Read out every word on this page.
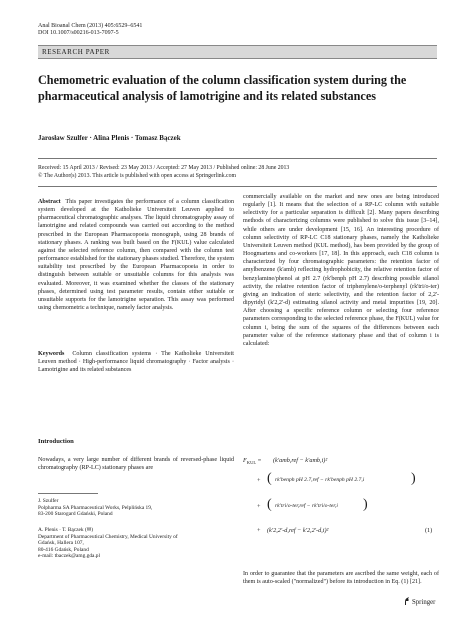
Anal Bioanal Chem (2013) 405:6529–6541
DOI 10.1007/s00216-013-7097-5
RESEARCH PAPER
Chemometric evaluation of the column classification system during the pharmaceutical analysis of lamotrigine and its related substances
Jarosław Szulfer · Alina Plenis · Tomasz Bączek
Received: 15 April 2013 / Revised: 23 May 2013 / Accepted: 27 May 2013 / Published online: 28 June 2013
© The Author(s) 2013. This article is published with open access at Springerlink.com

Abstract This paper investigates the performance of a column classification system developed at the Katholieke Universiteit Leuven applied to pharmaceutical chromatographic analyses. The liquid chromatography assay of lamotrigine and related compounds was carried out according to the method prescribed in the European Pharmacopoeia monograph, using 28 brands of stationary phases. A ranking was built based on the F(KUL) value calculated against the selected reference column, then compared with the column test performance established for the stationary phases studied. Therefore, the system suitability test prescribed by the European Pharmacopoeia in order to distinguish between suitable or unsuitable columns for this analysis was evaluated. Moreover, it was examined whether the classes of the stationary phases, determined using test parameter results, contain either suitable or unsuitable supports for the lamotrigine separation. This assay was performed using chemometric a technique, namely factor analysis.

Keywords Column classification systems · The Katholieke Universiteit Leuven method · High-performance liquid chromatography · Factor analysis · Lamotrigine and its related substances

Introduction
Nowadays, a very large number of different brands of reversed-phase liquid chromatography (RP-LC) stationary phases are
J. Szulfer
Polpharma SA Pharmaceutical Works, Pelplińska 19,
83-200 Starogard Gdański, Poland
A. Plenis · T. Bączek (✉)
Department of Pharmaceutical Chemistry, Medical University of
Gdańsk, Hallera 107,
80-416 Gdańsk, Poland
e-mail: tbaczek@amg.gda.pl
commercially available on the market and new ones are being introduced regularly [1]. It means that the selection of a RP-LC column with suitable selectivity for a particular separation is difficult [2]. Many papers describing methods of characterizing columns were published to solve this issue [3–14], while others are under development [15, 16]. An interesting procedure of column selectivity of RP-LC C18 stationary phases, namely the Katholieke Universiteit Leuven method (KUL method), has been provided by the group of Hoogmartens and co-workers [17, 18]. In this approach, each C18 column is characterized by four chromatographic parameters: the retention factor of amylbenzene (k'amb) reflecting hydrophobicity, the relative retention factor of benzylamine/phenol at pH 2.7 (rk'benph pH 2.7) describing possible silanol activity, the relative retention factor of triphenylene/o-terphenyl (rk'tri/o-ter) giving an indication of steric selectivity, and the retention factor of 2,2'-dipyridyl (k'2,2'-d) estimating silanol activity and metal impurities [19, 20]. After choosing a specific reference column or selecting four reference parameters corresponding to the selected reference phase, the F(KUL) value for column i, being the sum of the squares of the differences between each parameter value of the reference stationary phase and that of column i is calculated:
$F_{KUL} = (k'amb,ref - k'amb,i)^2$
+ ( rk′benph pH 2.7,ref − rk′benph pH 2.7,i	)
+ ( rk′tri/o-ter,ref − rk′tri/o-ter,i )
+ (k′2,2′-d,ref − k′2,2′-d,i)²	(1)
In order to guarantee that the parameters are ascribed the same weight, each of them is auto-scaled ("normalized") before its introduction in Eq. (1) [21].
Springer
